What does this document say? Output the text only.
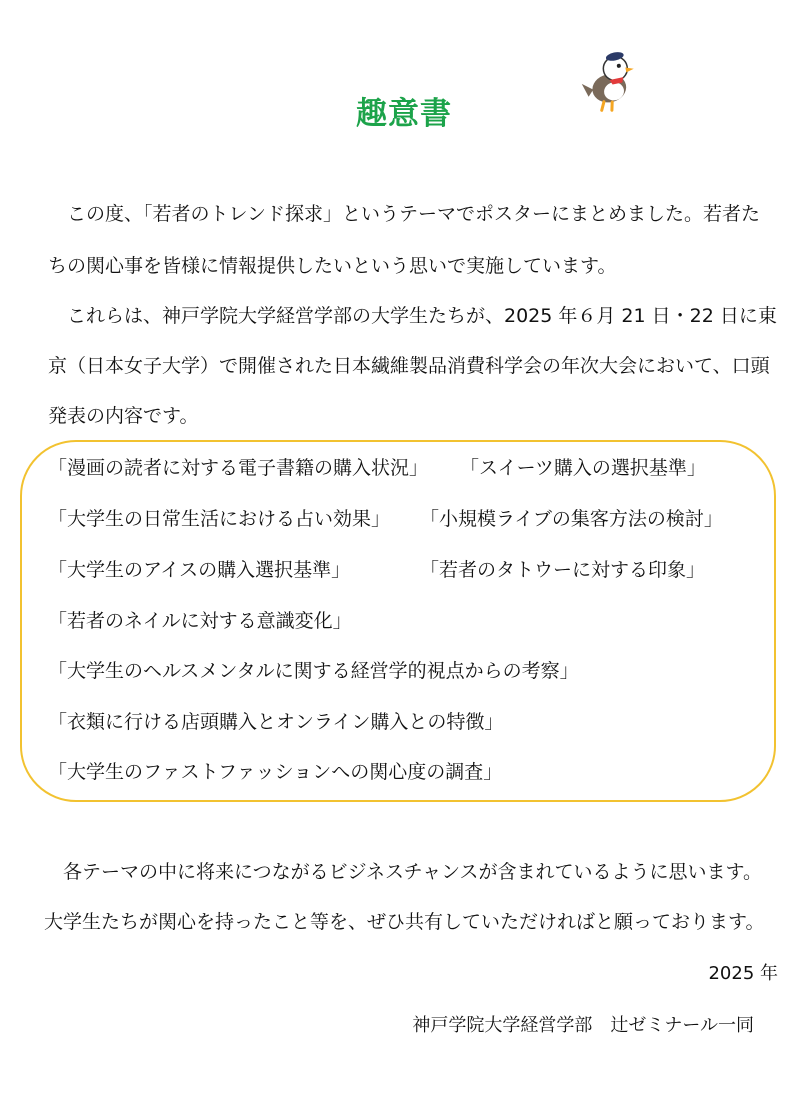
趣意書
　この度、「若者のトレンド探求」というテーマでポスターにまとめました。若者た
ちの関心事を皆様に情報提供したいという思いで実施しています。
　これらは、神戸学院大学経営学部の大学生たちが、2025 年６月 21 日・22 日に東
京（日本女子大学）で開催された日本繊維製品消費科学会の年次大会において、口頭
発表の内容です。
「漫画の読者に対する電子書籍の購入状況」 「スイーツ購入の選択基準」
「大学生の日常生活における占い効果」 「小規模ライブの集客方法の検討」
「大学生のアイスの購入選択基準」	「若者のタトウーに対する印象」
「若者のネイルに対する意識変化」
「大学生のヘルスメンタルに関する経営学的視点からの考察」
「衣類に行ける店頭購入とオンライン購入との特徴」
「大学生のファストファッションへの関心度の調査」
　各テーマの中に将来につながるビジネスチャンスが含まれているように思います。
大学生たちが関心を持ったこと等を、ぜひ共有していただければと願っております。
2025 年
神戸学院大学経営学部　辻ゼミナール一同
